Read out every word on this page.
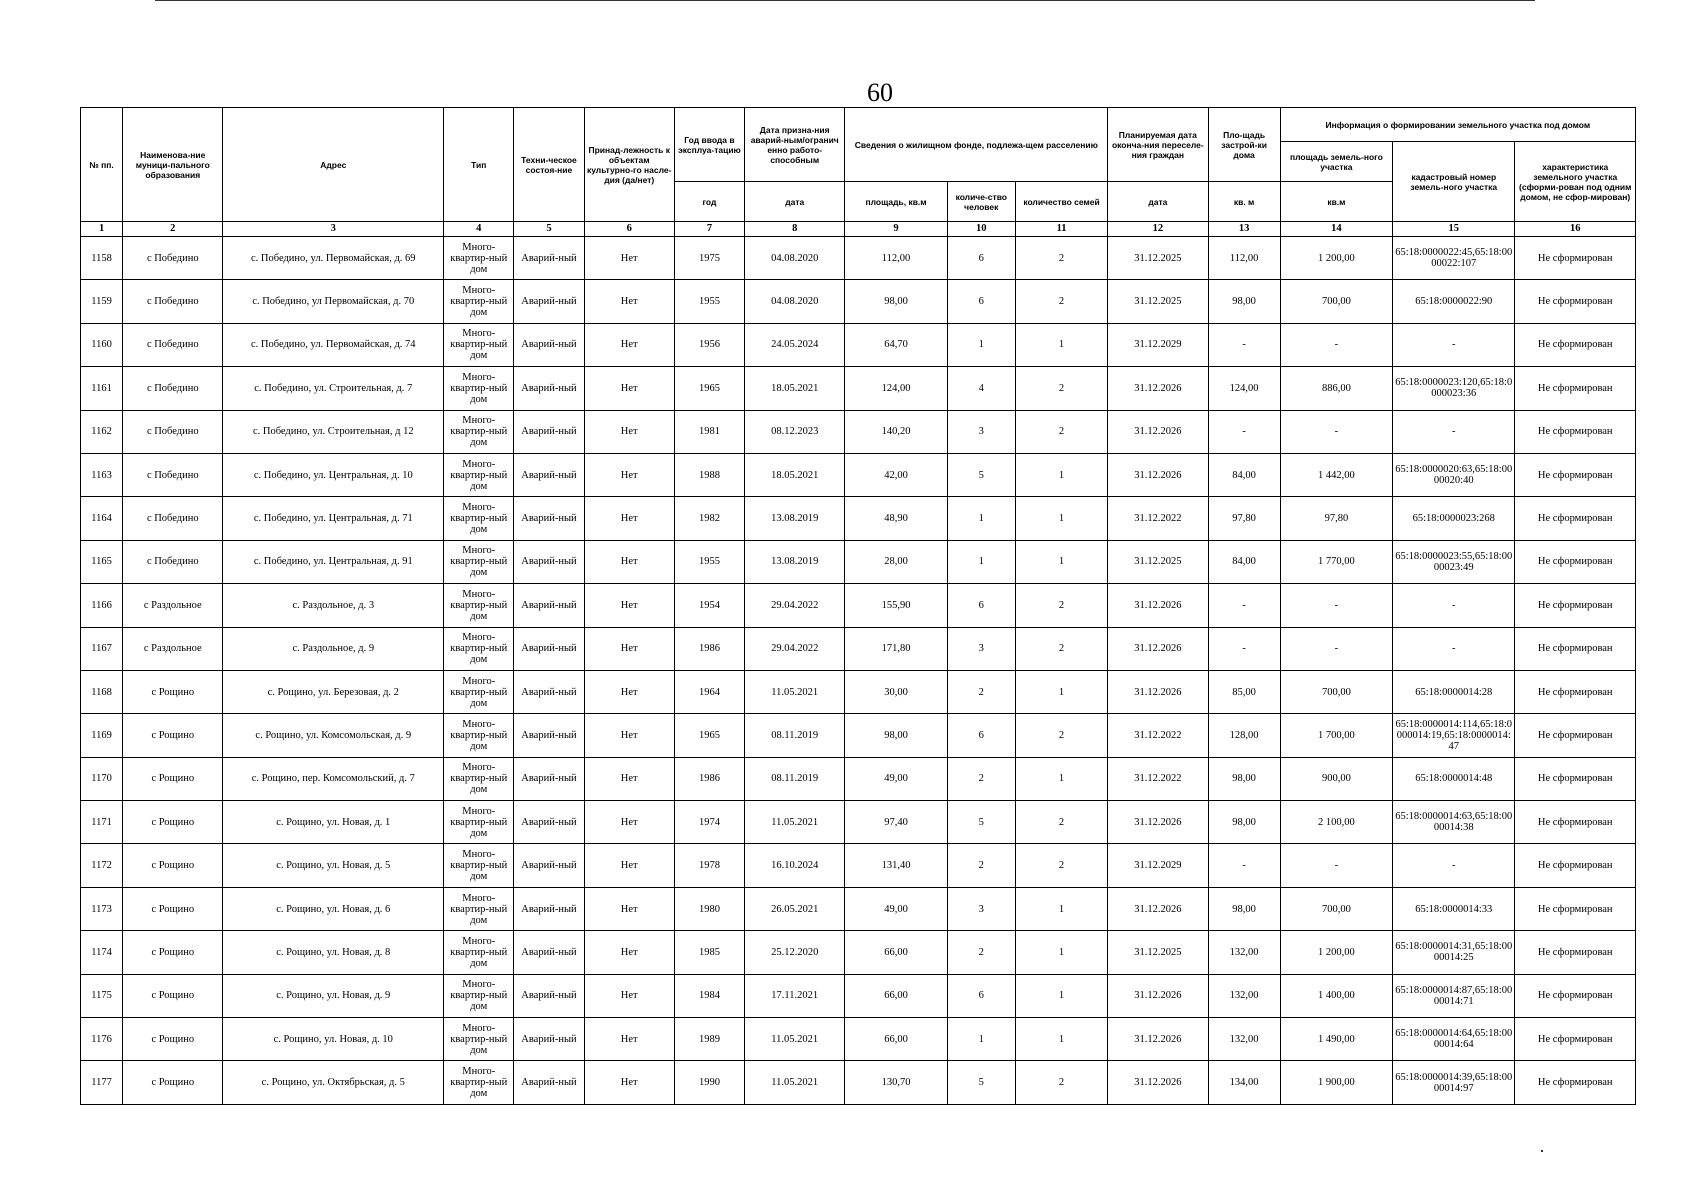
60
№ пп.	Наименова-ние муници-пального образования	Адрес	Тип	Техни-ческое состоя-ние	Принад-лежность к объектам культурно-го насле-дия (да/нет)	Год ввода в эксплуа-тацию	Дата призна-ния аварий-ным/огранич енно работо-способным	Сведения о жилищном фонде, подлежа-щем расселению			Планируемая дата оконча-ния переселе-ния граждан	Пло-щадь застрой-ки дома	Информация о формировании земельного участка под домом		
													площадь земель-ного участка	кадастровый номер земель-ного участка	характеристика земельного участка (сформи-рован под одним домом, не сфор-мирован)
						год	дата	площадь, кв.м	количе-ство человек	количество семей	дата	кв. м	кв.м		
1	2	3	4	5	6	7	8	9	10	11	12	13	14	15	16
1158	с Победино	с. Победино, ул. Первомайская, д. 69	Много-квартир-ный дом	Аварий-ный	Нет	1975	04.08.2020	112,00	6	2	31.12.2025	112,00	1 200,00	65:18:0000022:45,65:18:0000022:107	Не сформирован
1159	с Победино	с. Победино, ул Первомайская, д. 70	Много-квартир-ный дом	Аварий-ный	Нет	1955	04.08.2020	98,00	6	2	31.12.2025	98,00	700,00	65:18:0000022:90	Не сформирован
1160	с Победино	с. Победино, ул. Первомайская, д. 74	Много-квартир-ный дом	Аварий-ный	Нет	1956	24.05.2024	64,70	1	1	31.12.2029	-	-	-	Не сформирован
1161	с Победино	с. Победино, ул. Строительная, д. 7	Много-квартир-ный дом	Аварий-ный	Нет	1965	18.05.2021	124,00	4	2	31.12.2026	124,00	886,00	65:18:0000023:120,65:18:0000023:36	Не сформирован
1162	с Победино	с. Победино, ул. Строительная, д 12	Много-квартир-ный дом	Аварий-ный	Нет	1981	08.12.2023	140,20	3	2	31.12.2026	-	-	-	Не сформирован
1163	с Победино	с. Победино, ул. Центральная, д. 10	Много-квартир-ный дом	Аварий-ный	Нет	1988	18.05.2021	42,00	5	1	31.12.2026	84,00	1 442,00	65:18:0000020:63,65:18:0000020:40	Не сформирован
1164	с Победино	с. Победино, ул. Центральная, д. 71	Много-квартир-ный дом	Аварий-ный	Нет	1982	13.08.2019	48,90	1	1	31.12.2022	97,80	97,80	65:18:0000023:268	Не сформирован
1165	с Победино	с. Победино, ул. Центральная, д. 91	Много-квартир-ный дом	Аварий-ный	Нет	1955	13.08.2019	28,00	1	1	31.12.2025	84,00	1 770,00	65:18:0000023:55,65:18:0000023:49	Не сформирован
1166	с Раздольное	с. Раздольное, д. 3	Много-квартир-ный дом	Аварий-ный	Нет	1954	29.04.2022	155,90	6	2	31.12.2026	-	-	-	Не сформирован
1167	с Раздольное	с. Раздольное, д. 9	Много-квартир-ный дом	Аварий-ный	Нет	1986	29.04.2022	171,80	3	2	31.12.2026	-	-	-	Не сформирован
1168	с Рощино	с. Рощино, ул. Березовая, д. 2	Много-квартир-ный дом	Аварий-ный	Нет	1964	11.05.2021	30,00	2	1	31.12.2026	85,00	700,00	65:18:0000014:28	Не сформирован
1169	с Рощино	с. Рощино, ул. Комсомольская, д. 9	Много-квартир-ный дом	Аварий-ный	Нет	1965	08.11.2019	98,00	6	2	31.12.2022	128,00	1 700,00	65:18:0000014:114,65:18:0000014:19,65:18:0000014:47	Не сформирован
1170	с Рощино	с. Рощино, пер. Комсомольский, д. 7	Много-квартир-ный дом	Аварий-ный	Нет	1986	08.11.2019	49,00	2	1	31.12.2022	98,00	900,00	65:18:0000014:48	Не сформирован
1171	с Рощино	с. Рощино, ул. Новая, д. 1	Много-квартир-ный дом	Аварий-ный	Нет	1974	11.05.2021	97,40	5	2	31.12.2026	98,00	2 100,00	65:18:0000014:63,65:18:0000014:38	Не сформирован
1172	с Рощино	с. Рощино, ул. Новая, д. 5	Много-квартир-ный дом	Аварий-ный	Нет	1978	16.10.2024	131,40	2	2	31.12.2029	-	-	-	Не сформирован
1173	с Рощино	с. Рощино, ул. Новая, д. 6	Много-квартир-ный дом	Аварий-ный	Нет	1980	26.05.2021	49,00	3	1	31.12.2026	98,00	700,00	65:18:0000014:33	Не сформирован
1174	с Рощино	с. Рощино, ул. Новая, д. 8	Много-квартир-ный дом	Аварий-ный	Нет	1985	25.12.2020	66,00	2	1	31.12.2025	132,00	1 200,00	65:18:0000014:31,65:18:0000014:25	Не сформирован
1175	с Рощино	с. Рощино, ул. Новая, д. 9	Много-квартир-ный дом	Аварий-ный	Нет	1984	17.11.2021	66,00	6	1	31.12.2026	132,00	1 400,00	65:18:0000014:87,65:18:0000014:71	Не сформирован
1176	с Рощино	с. Рощино, ул. Новая, д. 10	Много-квартир-ный дом	Аварий-ный	Нет	1989	11.05.2021	66,00	1	1	31.12.2026	132,00	1 490,00	65:18:0000014:64,65:18:0000014:64	Не сформирован
1177	с Рощино	с. Рощино, ул. Октябрьская, д. 5	Много-квартир-ный дом	Аварий-ный	Нет	1990	11.05.2021	130,70	5	2	31.12.2026	134,00	1 900,00	65:18:0000014:39,65:18:0000014:97	Не сформирован
